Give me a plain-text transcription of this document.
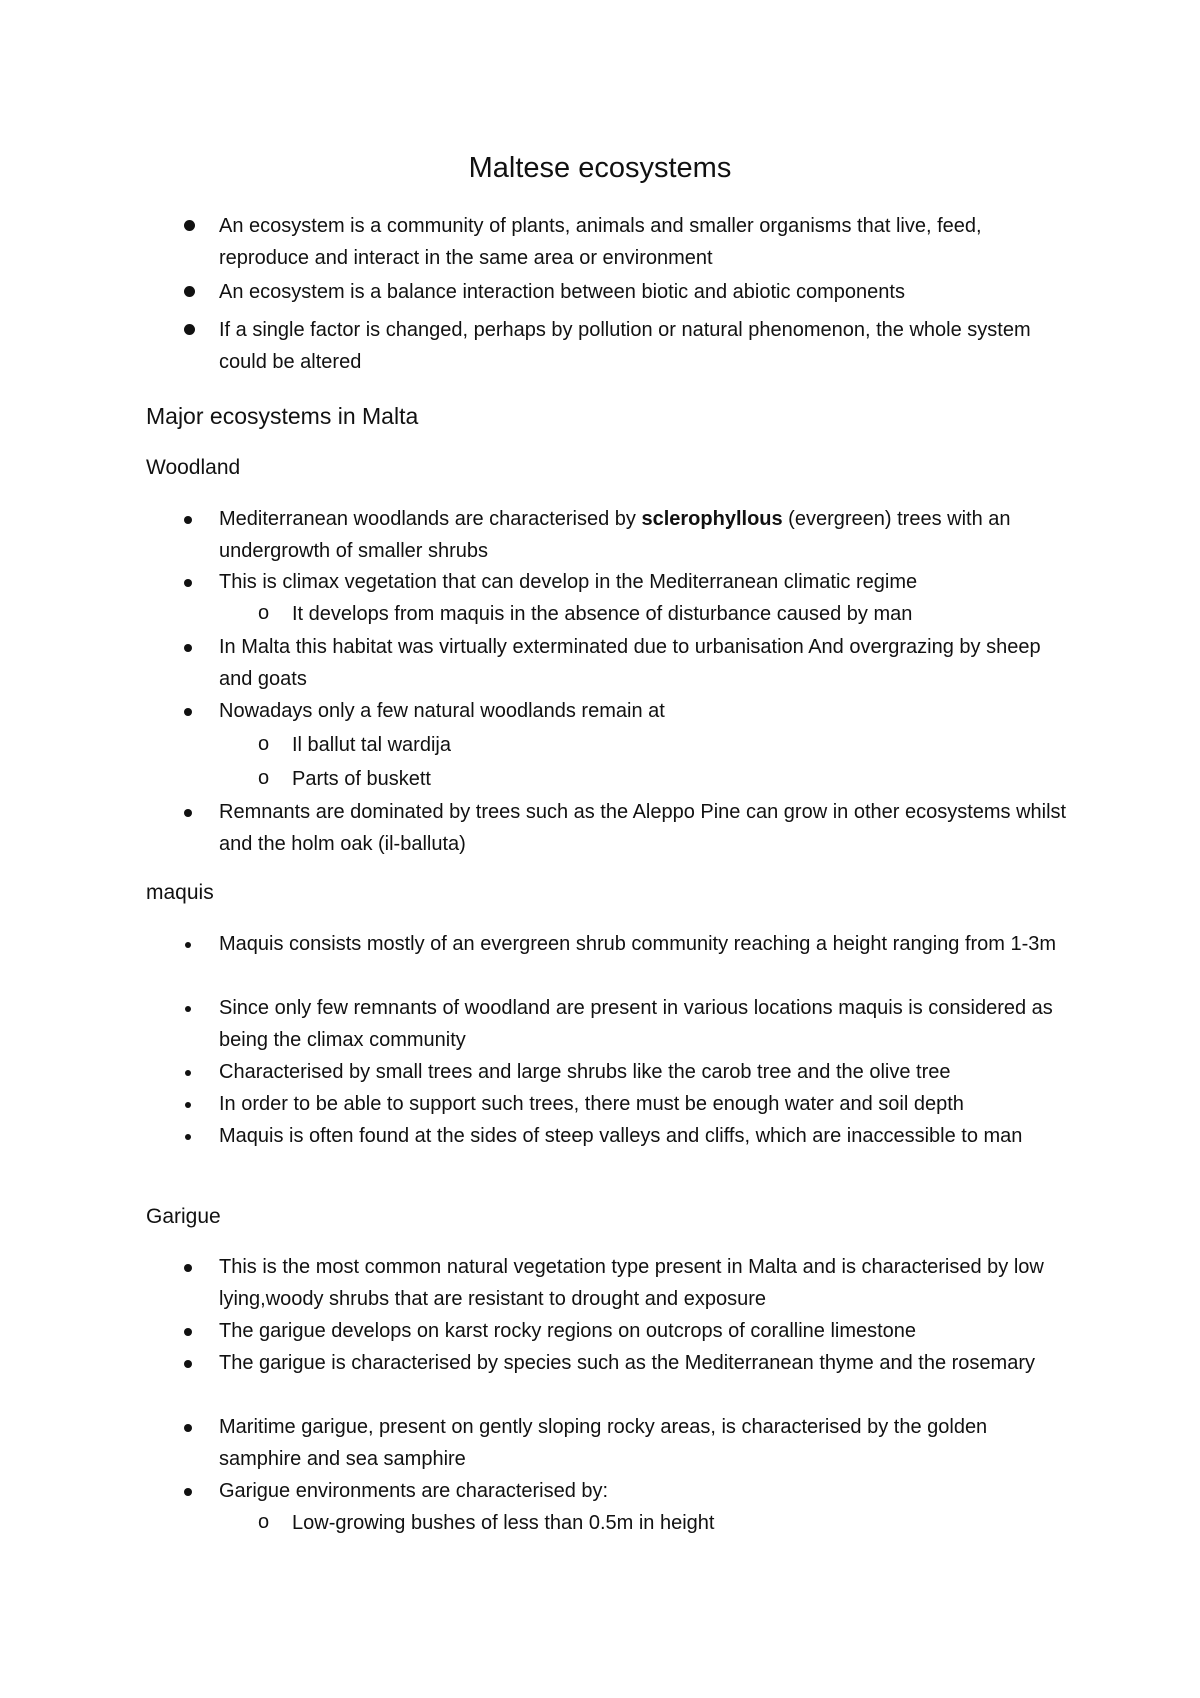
Maltese ecosystems
An ecosystem is a community of plants, animals and smaller organisms that live, feed, reproduce and interact in the same area or environment
An ecosystem is a balance interaction between biotic and abiotic components
If a single factor is changed, perhaps by pollution or natural phenomenon, the whole system could be altered
Major ecosystems in Malta
Woodland
Mediterranean woodlands are characterised by sclerophyllous (evergreen) trees with an undergrowth of smaller shrubs
This is climax vegetation that can develop in the Mediterranean climatic regime
o It develops from maquis in the absence of disturbance caused by man
In Malta this habitat was virtually exterminated due to urbanisation And overgrazing by sheep and goats
Nowadays only a few natural woodlands remain at
o Il ballut tal wardija
o Parts of buskett
Remnants are dominated by trees such as the Aleppo Pine can grow in other ecosystems whilst and the holm oak (il-balluta)
maquis
Maquis consists mostly of an evergreen shrub community reaching a height ranging from 1-3m
Since only few remnants of woodland are present in various locations maquis is considered as being the climax community
Characterised by small trees and large shrubs like the carob tree and the olive tree
In order to be able to support such trees, there must be enough water and soil depth
Maquis is often found at the sides of steep valleys and cliffs, which are inaccessible to man
Garigue
This is the most common natural vegetation type present in Malta and is characterised by low lying,woody shrubs that are resistant to drought and exposure
The garigue develops on karst rocky regions on outcrops of coralline limestone
The garigue is characterised by species such as the Mediterranean thyme and the rosemary
Maritime garigue, present on gently sloping rocky areas, is characterised by the golden samphire and sea samphire
Garigue environments are characterised by:
o Low-growing bushes of less than 0.5m in height
